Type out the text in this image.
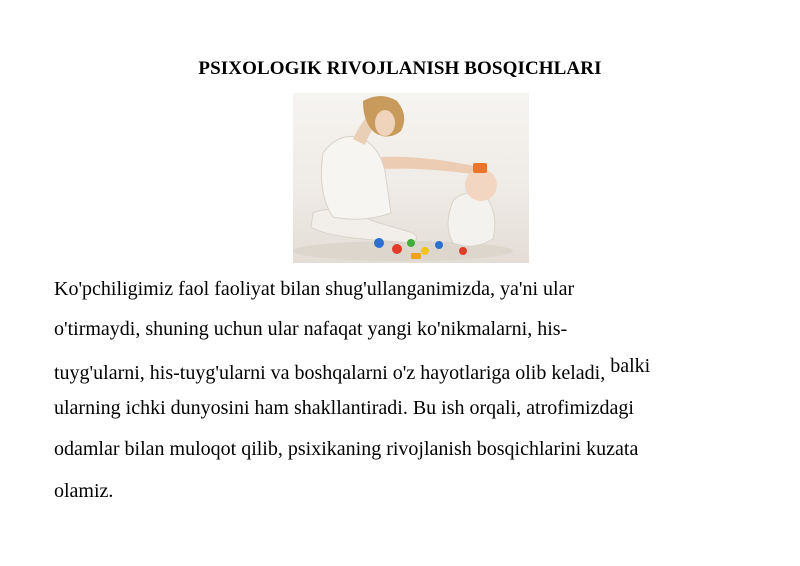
PSIXOLOGIK RIVOJLANISH BOSQICHLARI
Ko'pchiligimiz faol faoliyat bilan shug'ullanganimizda, ya'ni ular
o'tirmaydi, shuning uchun ular nafaqat yangi ko'nikmalarni, his-
tuyg'ularni, his-tuyg'ularni va boshqalarni o'z hayotlariga olib keladi, balki
ularning ichki dunyosini ham shakllantiradi. Bu ish orqali, atrofimizdagi
odamlar bilan muloqot qilib, psixikaning rivojlanish bosqichlarini kuzata
olamiz.
